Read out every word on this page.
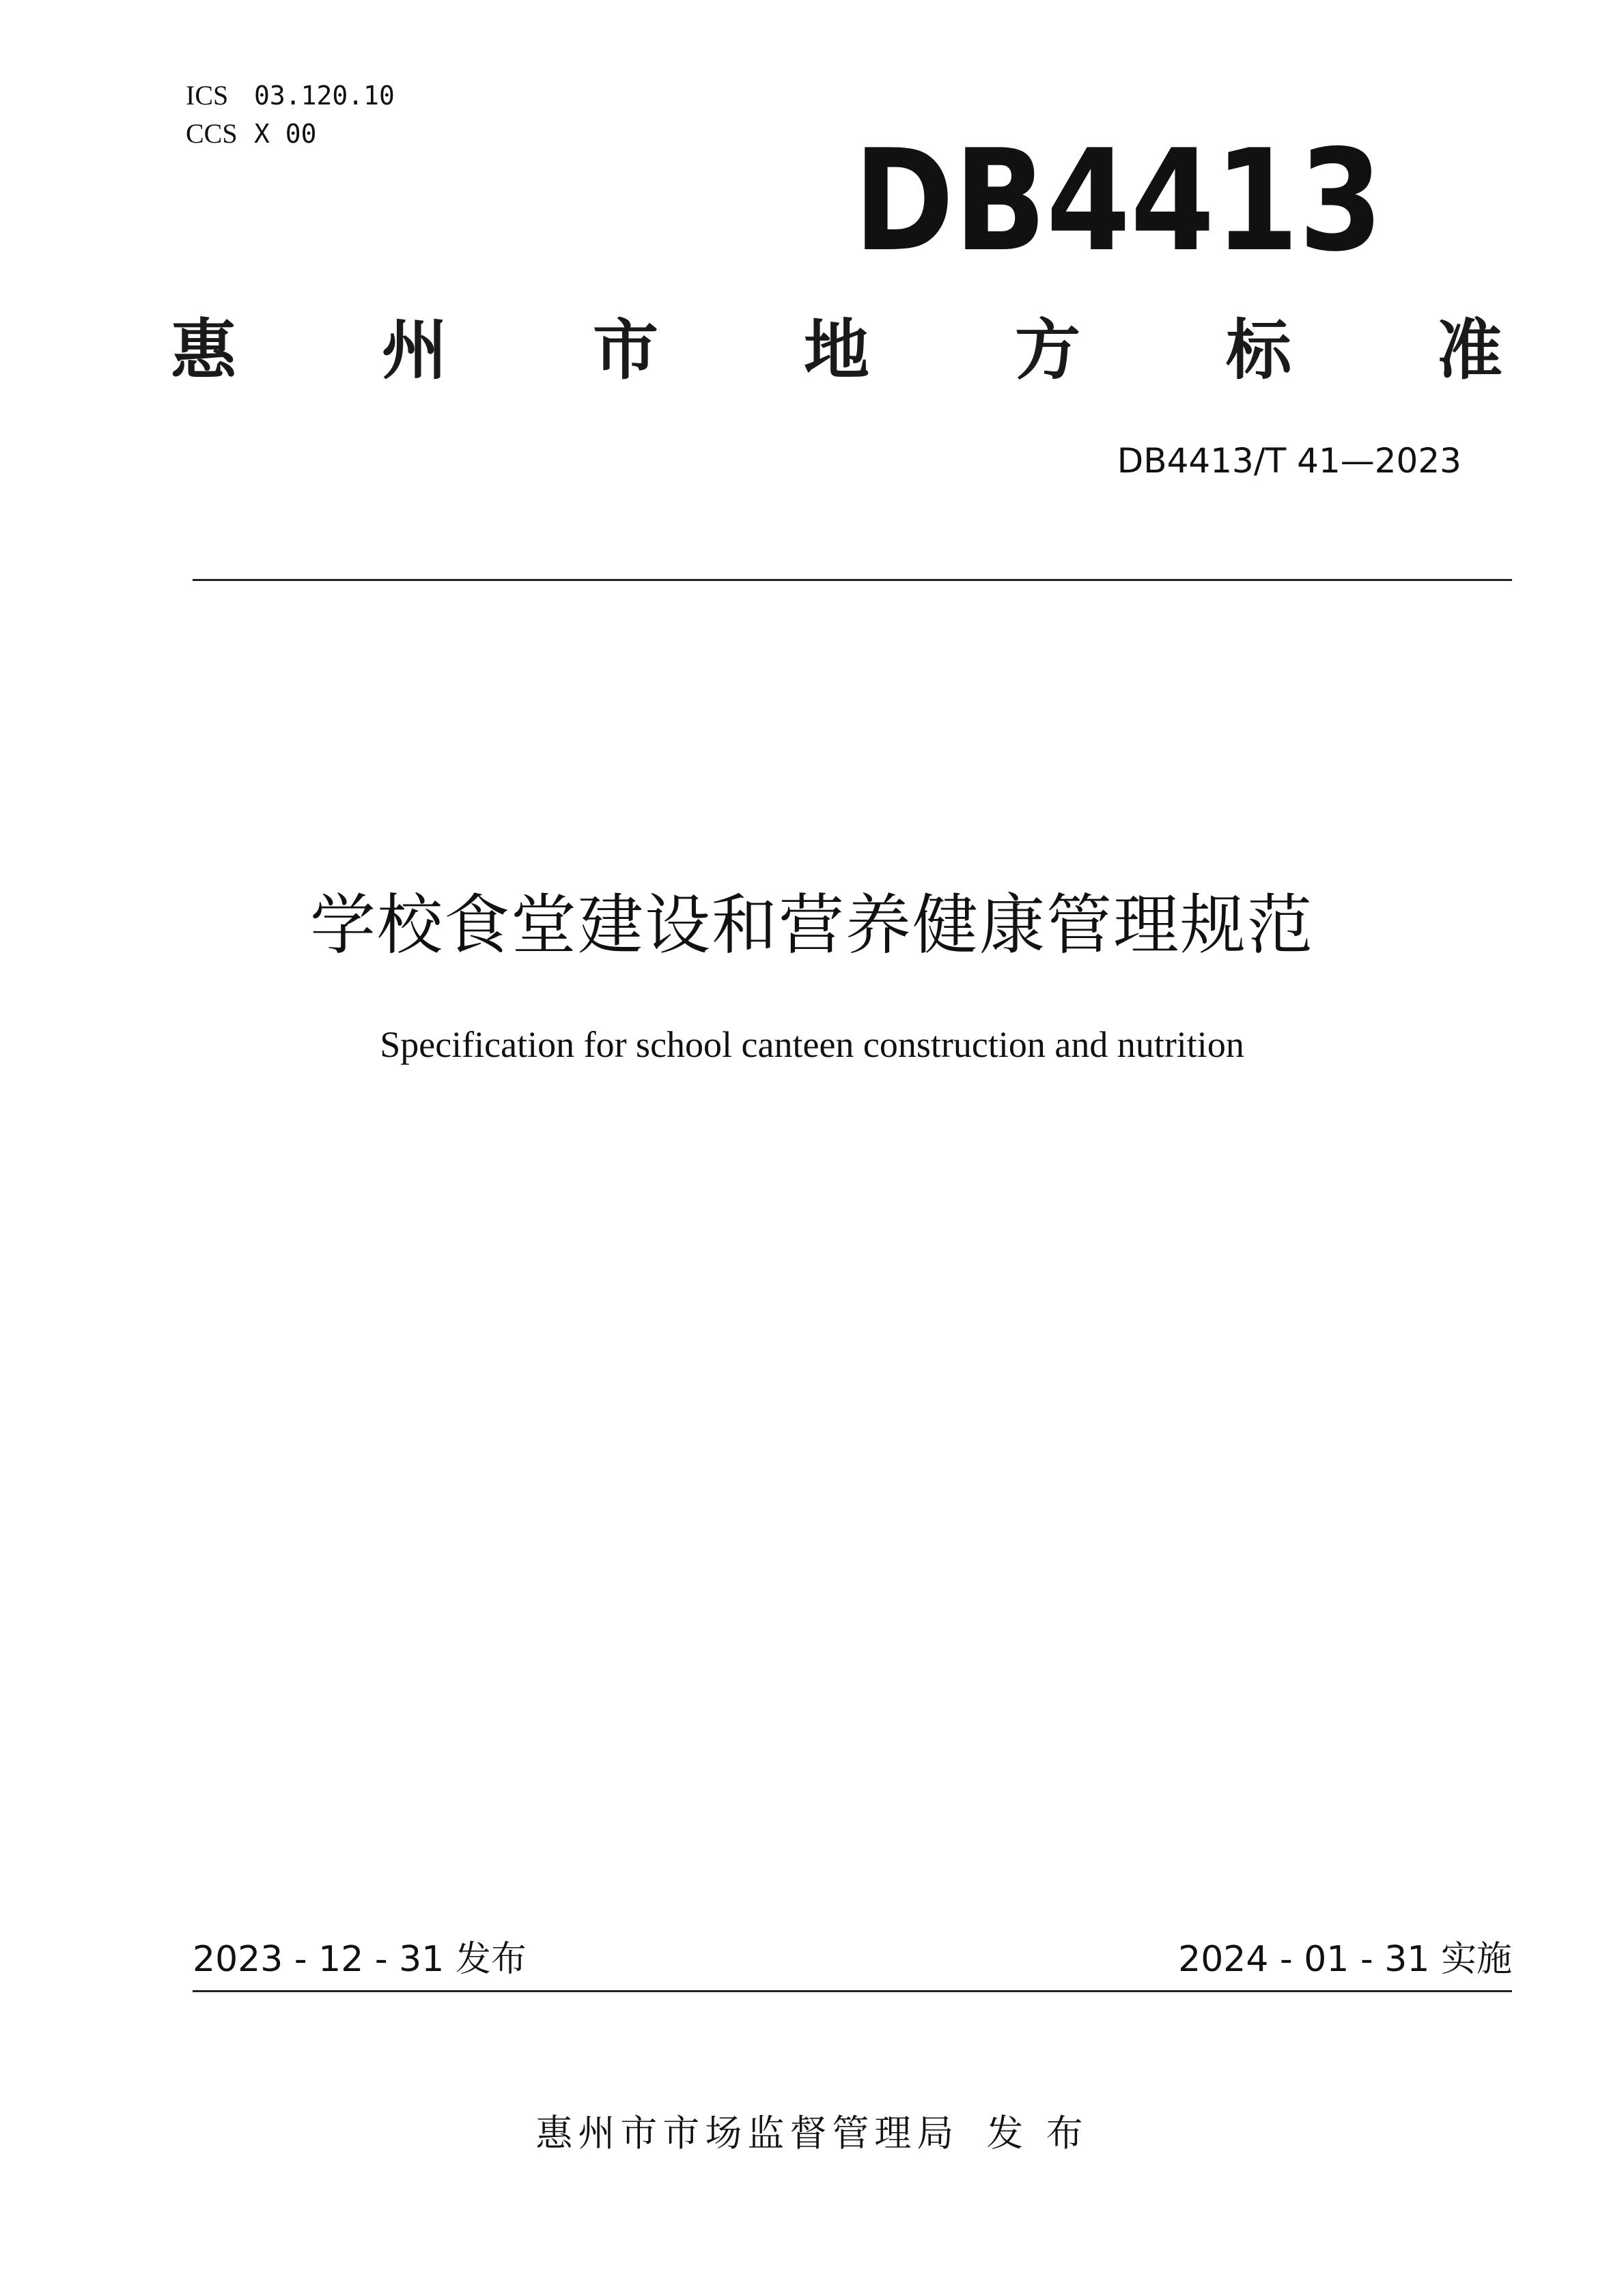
ICS 03.120.10
CCS X 00	DB4413
惠 州 市 地 方 标 准
DB4413/T 41—2023
学校食堂建设和营养健康管理规范
Specification for school canteen construction and nutrition
2023 - 12 - 31 发布	2024 - 01 - 31 实施
惠州市市场监督管理局 发 布
